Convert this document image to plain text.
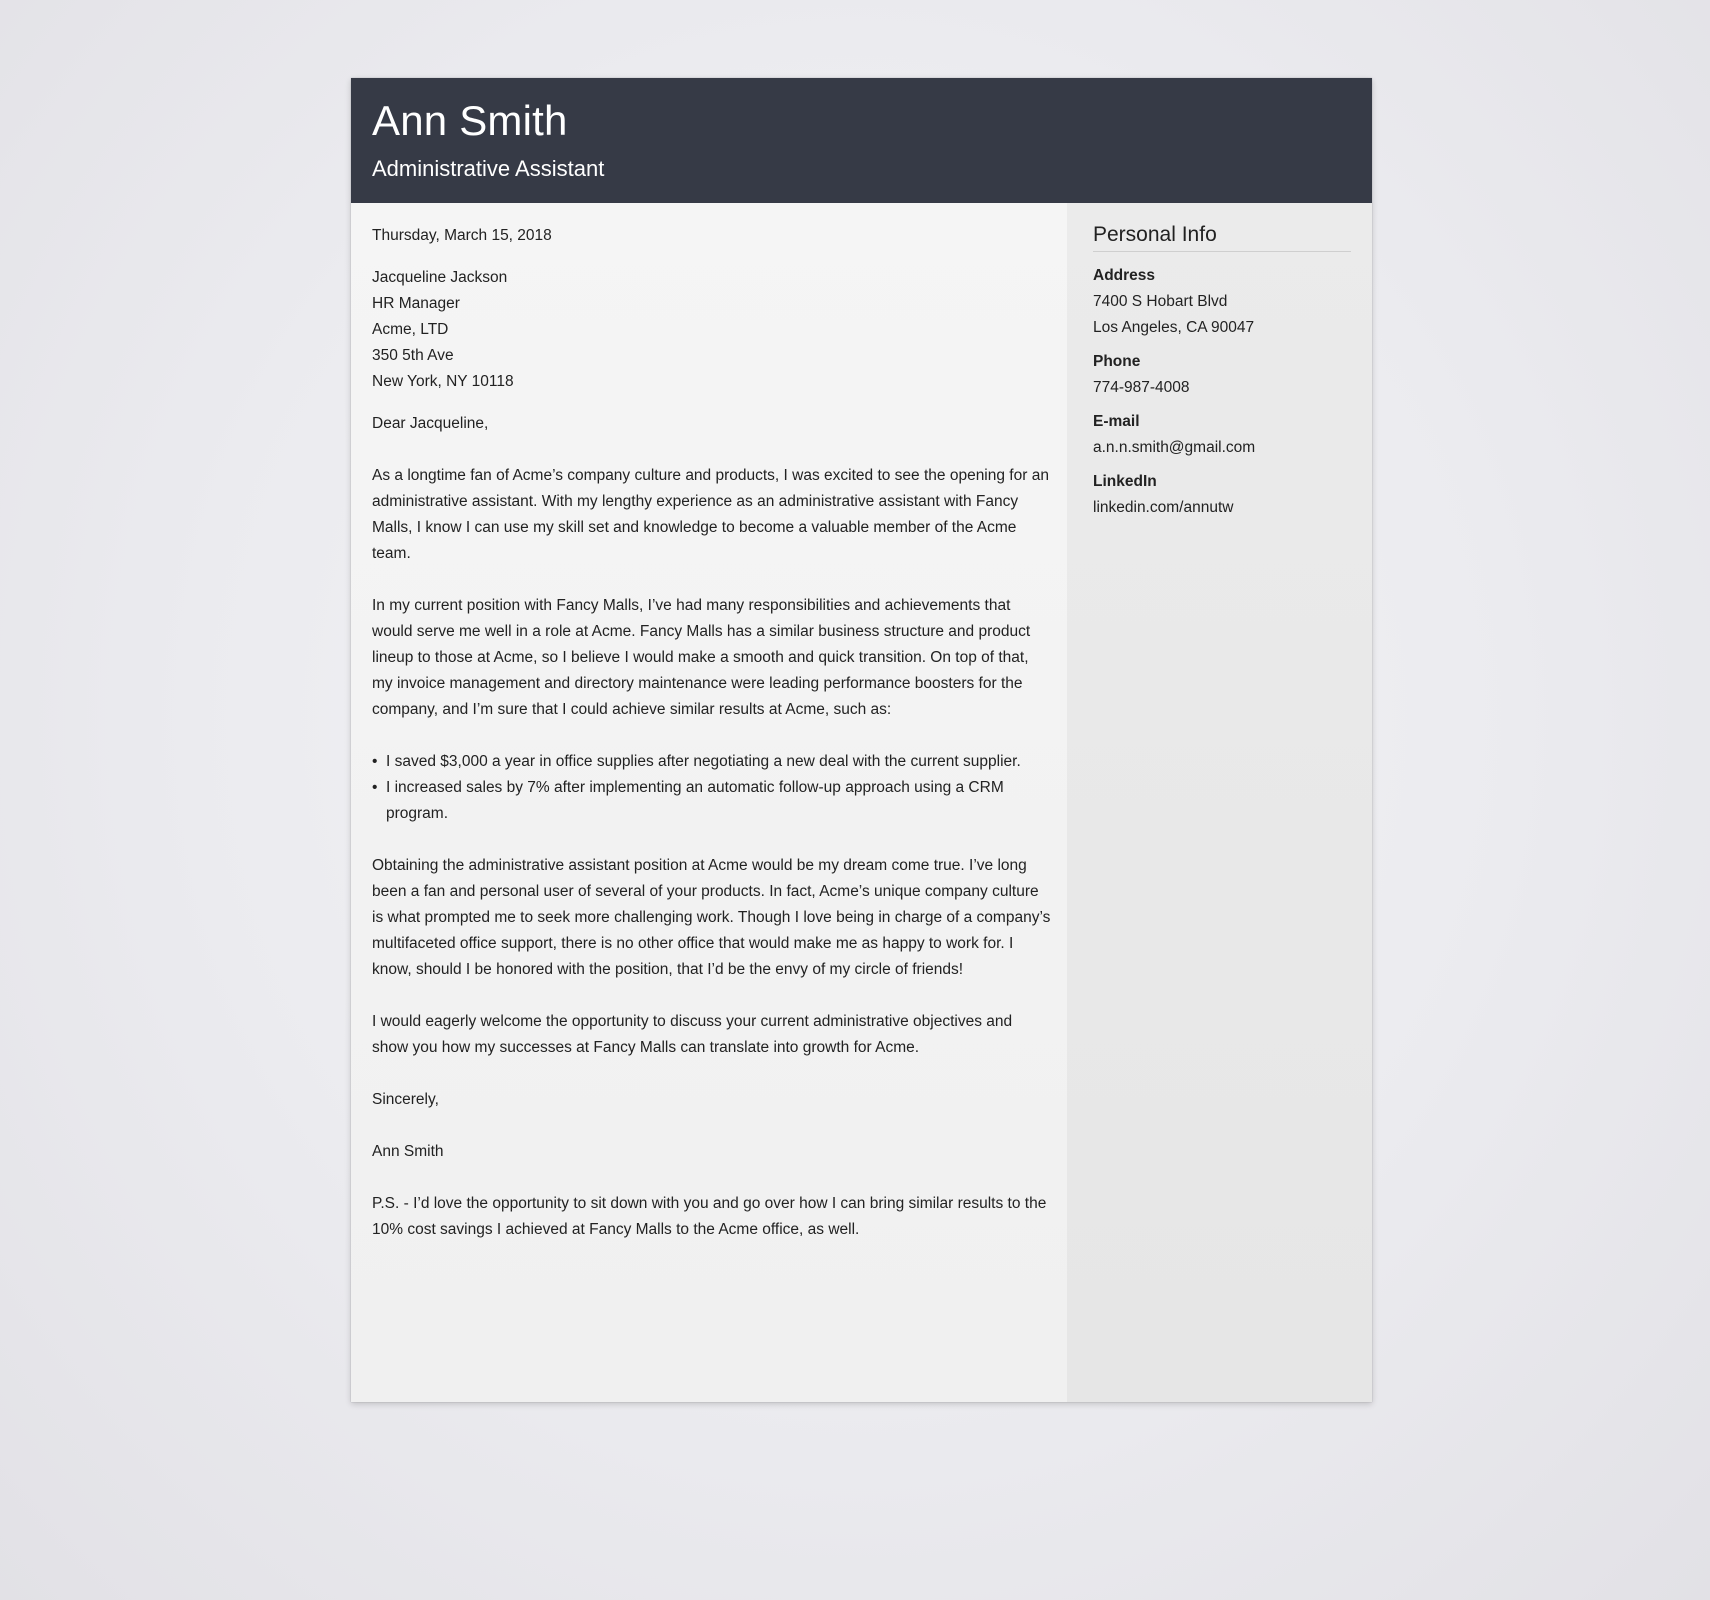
Ann Smith
Administrative Assistant

Thursday, March 15, 2018

Jacqueline Jackson
HR Manager
Acme, LTD
350 5th Ave
New York, NY 10118

Dear Jacqueline,

As a longtime fan of Acme’s company culture and products, I was excited to see the opening for an administrative assistant. With my lengthy experience as an administrative assistant with Fancy Malls, I know I can use my skill set and knowledge to become a valuable member of the Acme team.

In my current position with Fancy Malls, I’ve had many responsibilities and achievements that would serve me well in a role at Acme. Fancy Malls has a similar business structure and product lineup to those at Acme, so I believe I would make a smooth and quick transition. On top of that, my invoice management and directory maintenance were leading performance boosters for the company, and I’m sure that I could achieve similar results at Acme, such as:

• I saved $3,000 a year in office supplies after negotiating a new deal with the current supplier.
• I increased sales by 7% after implementing an automatic follow-up approach using a CRM program.

Obtaining the administrative assistant position at Acme would be my dream come true. I’ve long been a fan and personal user of several of your products. In fact, Acme’s unique company culture is what prompted me to seek more challenging work. Though I love being in charge of a company’s multifaceted office support, there is no other office that would make me as happy to work for. I know, should I be honored with the position, that I’d be the envy of my circle of friends!

I would eagerly welcome the opportunity to discuss your current administrative objectives and show you how my successes at Fancy Malls can translate into growth for Acme.

Sincerely,

Ann Smith

P.S. - I’d love the opportunity to sit down with you and go over how I can bring similar results to the 10% cost savings I achieved at Fancy Malls to the Acme office, as well.

Personal Info
Address
7400 S Hobart Blvd
Los Angeles, CA 90047
Phone
774-987-4008
E-mail
a.n.n.smith@gmail.com
LinkedIn
linkedin.com/annutw
